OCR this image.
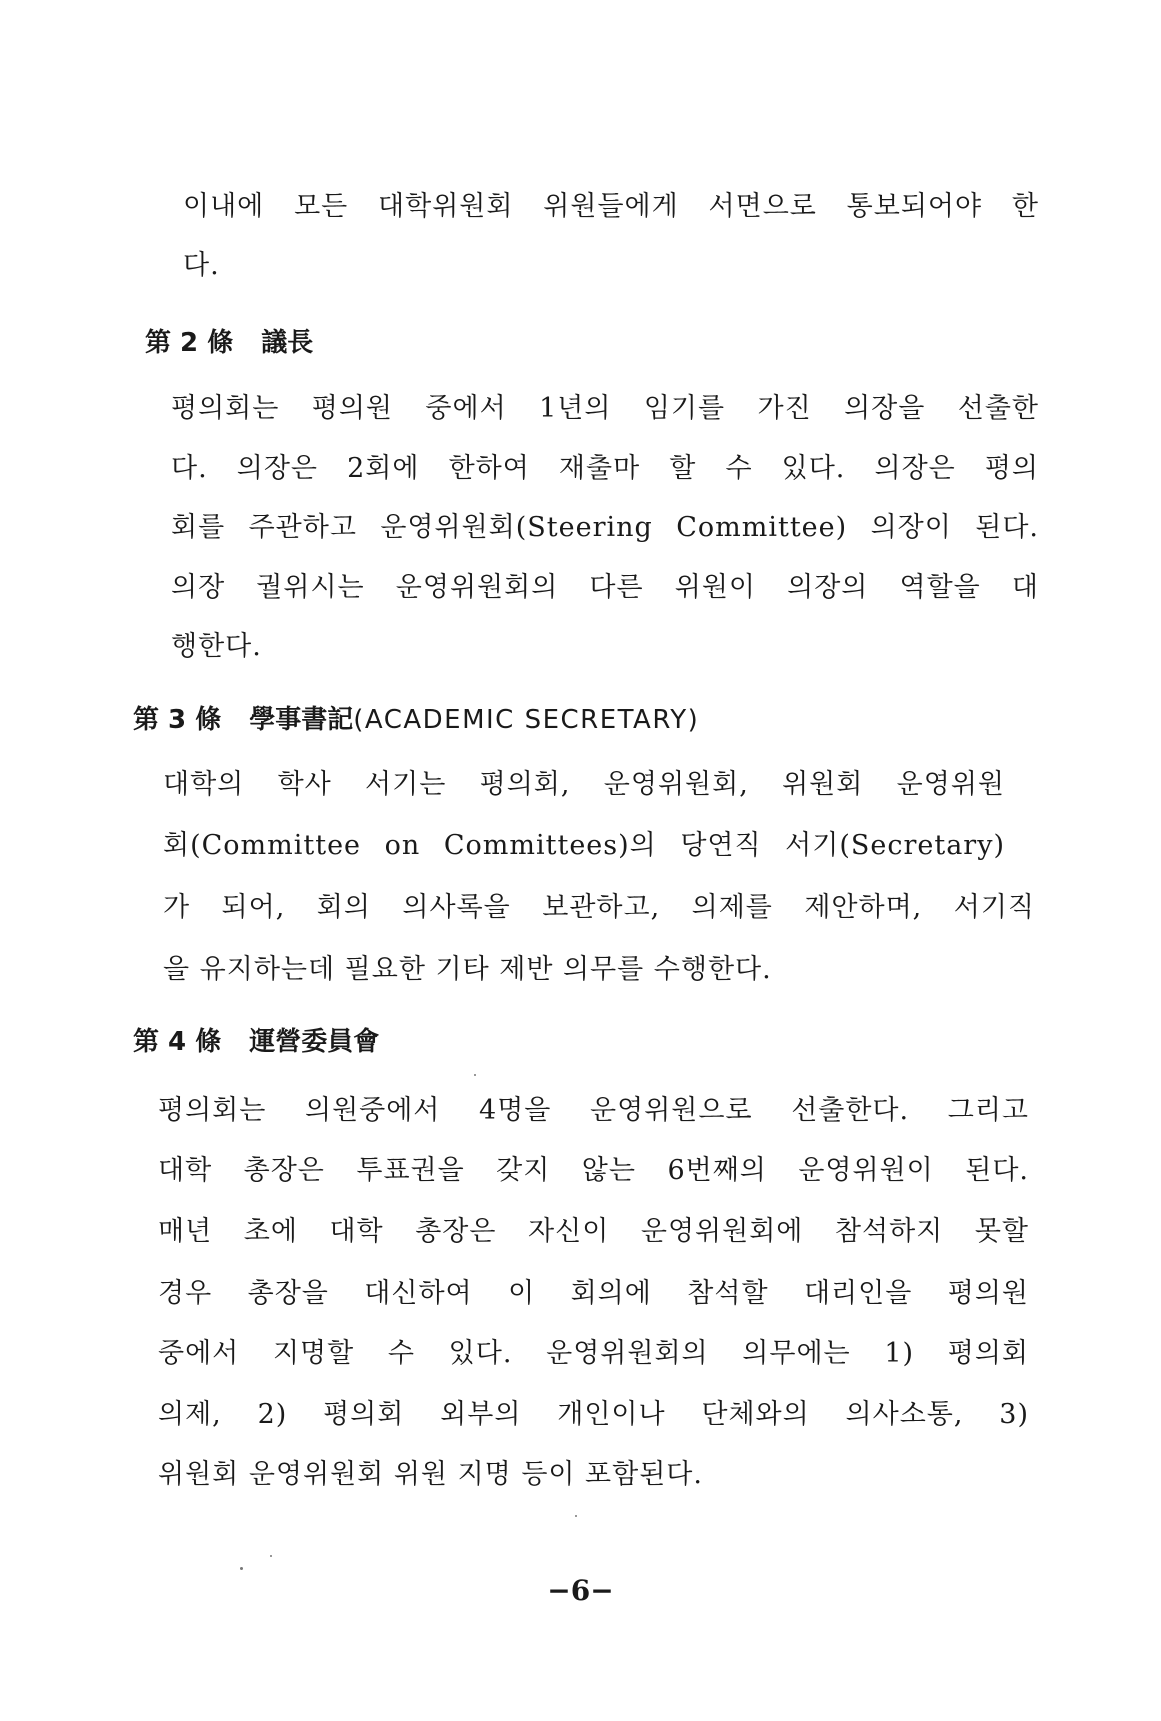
이내에 모든 대학위원회 위원들에게 서면으로 통보되어야 한
다.
第 2 條 議長
평의회는 평의원 중에서 1년의 임기를 가진 의장을 선출한
다. 의장은 2회에 한하여 재출마 할 수 있다. 의장은 평의
회를 주관하고 운영위원회(Steering Committee) 의장이 된다.
의장 궐위시는 운영위원회의 다른 위원이 의장의 역할을 대
행한다.
第 3 條 學事書記(ACADEMIC SECRETARY)
대학의 학사 서기는 평의회, 운영위원회, 위원회 운영위원
회(Committee on Committees)의 당연직 서기(Secretary)
가 되어, 회의 의사록을 보관하고, 의제를 제안하며, 서기직
을 유지하는데 필요한 기타 제반 의무를 수행한다.
第 4 條 運營委員會
평의회는 의원중에서 4명을 운영위원으로 선출한다. 그리고
대학 총장은 투표권을 갖지 않는 6번째의 운영위원이 된다.
매년 초에 대학 총장은 자신이 운영위원회에 참석하지 못할
경우 총장을 대신하여 이 회의에 참석할 대리인을 평의원
중에서 지명할 수 있다. 운영위원회의 의무에는 1) 평의회
의제, 2) 평의회 외부의 개인이나 단체와의 의사소통, 3)
위원회 운영위원회 위원 지명 등이 포함된다.
−6−
